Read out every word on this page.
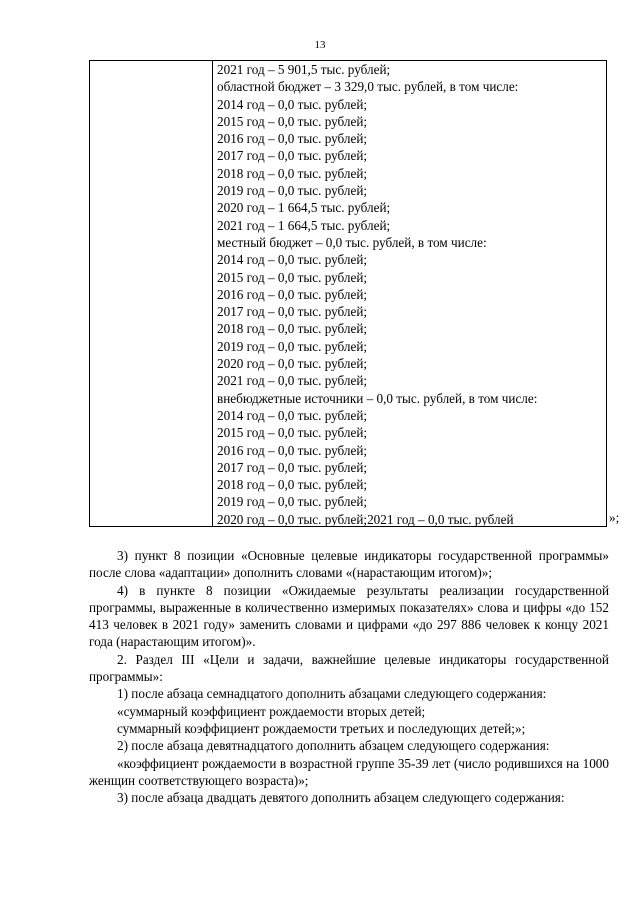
13
2021 год – 5 901,5 тыс. рублей;
областной бюджет – 3 329,0 тыс. рублей, в том числе:
2014 год – 0,0 тыс. рублей;
2015 год – 0,0 тыс. рублей;
2016 год – 0,0 тыс. рублей;
2017 год – 0,0 тыс. рублей;
2018 год – 0,0 тыс. рублей;
2019 год – 0,0 тыс. рублей;
2020 год – 1 664,5 тыс. рублей;
2021 год – 1 664,5 тыс. рублей;
местный бюджет – 0,0 тыс. рублей, в том числе:
2014 год – 0,0 тыс. рублей;
2015 год – 0,0 тыс. рублей;
2016 год – 0,0 тыс. рублей;
2017 год – 0,0 тыс. рублей;
2018 год – 0,0 тыс. рублей;
2019 год – 0,0 тыс. рублей;
2020 год – 0,0 тыс. рублей;
2021 год – 0,0 тыс. рублей;
внебюджетные источники – 0,0 тыс. рублей, в том числе:
2014 год – 0,0 тыс. рублей;
2015 год – 0,0 тыс. рублей;
2016 год – 0,0 тыс. рублей;
2017 год – 0,0 тыс. рублей;
2018 год – 0,0 тыс. рублей;
2019 год – 0,0 тыс. рублей;
2020 год – 0,0 тыс. рублей;2021 год – 0,0 тыс. рублей	»;

3) пункт 8 позиции «Основные целевые индикаторы государственной программы» после слова «адаптации» дополнить словами «(нарастающим итогом)»;

4) в пункте 8 позиции «Ожидаемые результаты реализации государственной программы, выраженные в количественно измеримых показателях» слова и цифры «до 152 413 человек в 2021 году» заменить словами и цифрами «до 297 886 человек к концу 2021 года (нарастающим итогом)».

2. Раздел III «Цели и задачи, важнейшие целевые индикаторы государственной программы»:

1) после абзаца семнадцатого дополнить абзацами следующего содержания:

«суммарный коэффициент рождаемости вторых детей;

суммарный коэффициент рождаемости третьих и последующих детей;»;

2) после абзаца девятнадцатого дополнить абзацем следующего содержания:

«коэффициент рождаемости в возрастной группе 35-39 лет (число родившихся на 1000 женщин соответствующего возраста)»;

3) после абзаца двадцать девятого дополнить абзацем следующего содержания:
